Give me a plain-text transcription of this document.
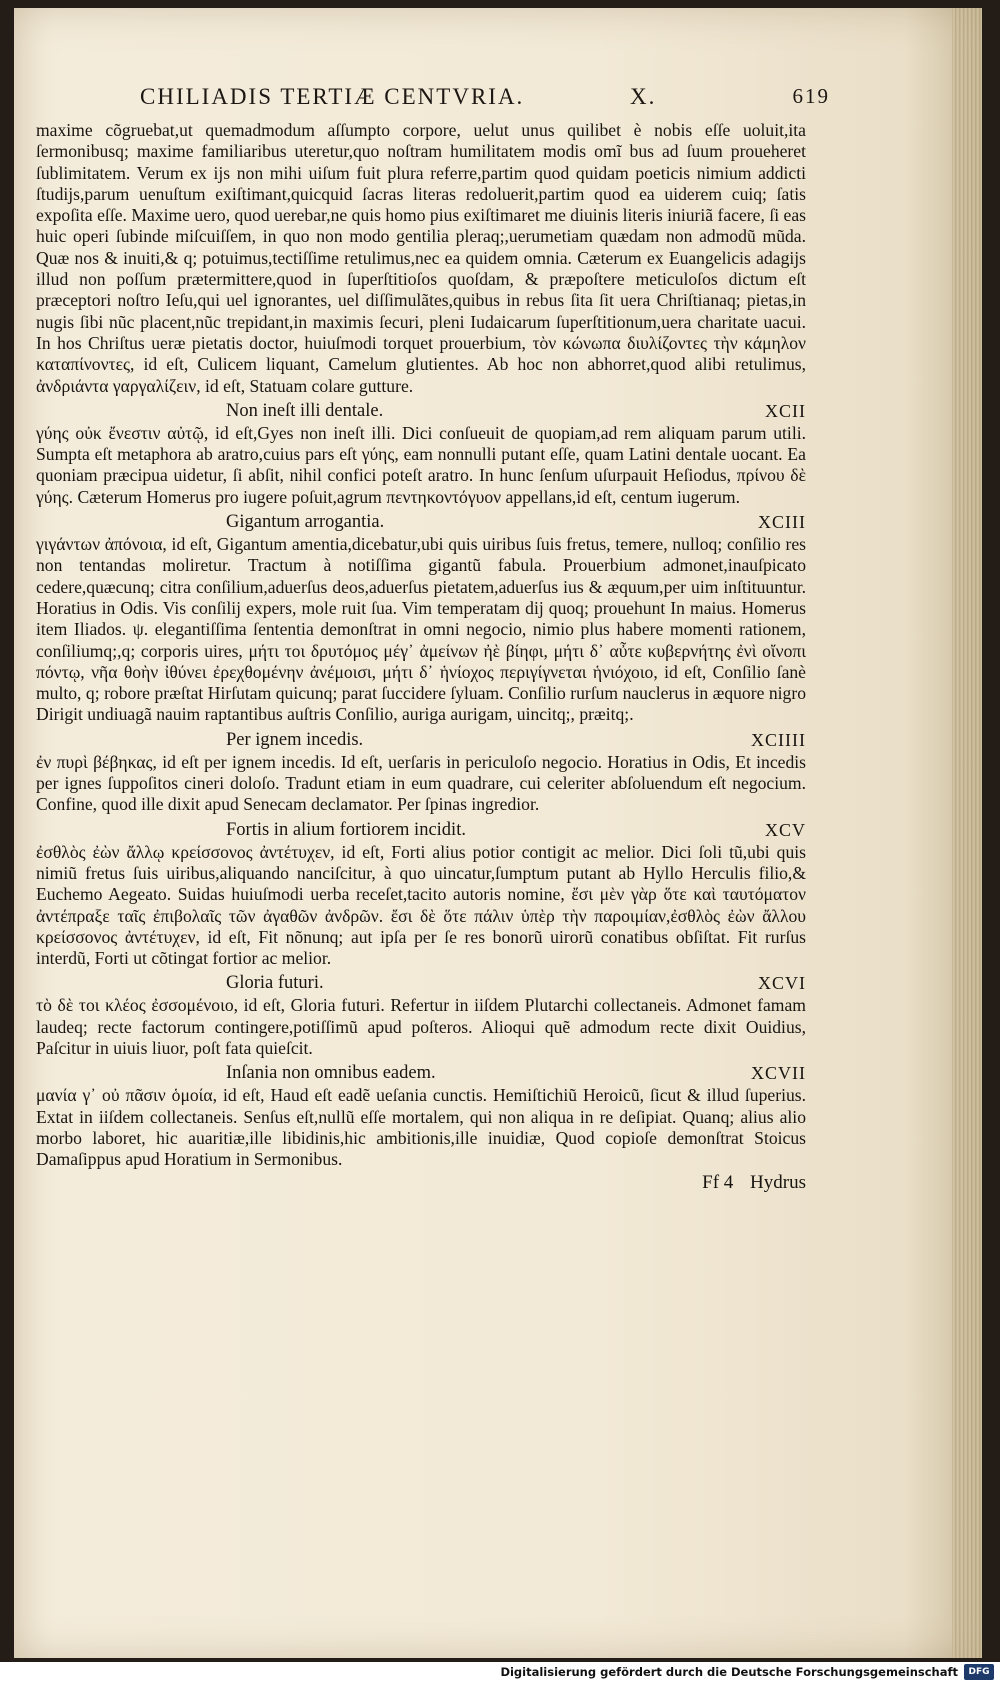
CHILIADIS TERTIÆ CENTVRIA.	X.	619

maxime cõgruebat,ut quemadmodum aſſumpto corpore, uelut unus quilibet è nobis eſſe uoluit,ita ſermonibusq; maxime familiaribus uteretur,quo noſtram humilitatem modis omĩ bus ad ſuum proueheret ſublimitatem. Verum ex ijs non mihi uiſum fuit plura referre,partim quod quidam poeticis nimium addicti ſtudijs,parum uenuſtum exiſtimant,quicquid ſacras literas redoluerit,partim quod ea uiderem cuiq; ſatis expoſita eſſe. Maxime uero, quod uerebar,ne quis homo pius exiſtimaret me diuinis literis iniuriã facere, ſi eas huic operi ſubinde miſcuiſſem, in quo non modo gentilia pleraq;,uerumetiam quædam non admodũ mũda. Quæ nos & inuiti,& q; potuimus,tectiſſime retulimus,nec ea quidem omnia. Cæterum ex Euangelicis adagijs illud non poſſum prætermittere,quod in ſuperſtitioſos quoſdam, & præpoſtere meticuloſos dictum eſt præceptori noſtro Ieſu,qui uel ignorantes, uel diſſimulãtes,quibus in rebus ſita ſit uera Chriſtianaq; pietas,in nugis ſibi nũc placent,nũc trepidant,in maximis ſecuri, pleni Iudaicarum ſuperſtitionum,uera charitate uacui. In hos Chriſtus ueræ pietatis doctor, huiuſmodi torquet prouerbium, τὸν κώνωπα διυλίζοντες τὴν κάμηλον καταπίνοντες, id eſt, Culicem liquant, Camelum glutientes. Ab hoc non abhorret,quod alibi retulimus, ἀνδριάντα γαργαλίζειν, id eſt, Statuam colare gutture.

Non ineſt illi dentale.	XCII

γύης οὐκ ἔνεστιν αὐτῷ, id eſt,Gyes non ineſt illi. Dici conſueuit de quopiam,ad rem aliquam parum utili. Sumpta eſt metaphora ab aratro,cuius pars eſt γύης, eam nonnulli putant eſſe, quam Latini dentale uocant. Ea quoniam præcipua uidetur, ſi abſit, nihil confici poteſt aratro. In hunc ſenſum uſurpauit Heſiodus, πρίνου δὲ γύης. Cæterum Homerus pro iugere poſuit,agrum πεντηκοντόγυον appellans,id eſt, centum iugerum.

Gigantum arrogantia.	XCIII

γιγάντων ἀπόνοια, id eſt, Gigantum amentia,dicebatur,ubi quis uiribus ſuis fretus, temere, nulloq; conſilio res non tentandas moliretur. Tractum à notiſſima gigantũ fabula. Prouerbium admonet,inauſpicato cedere,quæcunq; citra conſilium,aduerſus deos,aduerſus pietatem,aduerſus ius & æquum,per uim inſtituuntur. Horatius in Odis. Vis conſilij expers, mole ruit ſua. Vim temperatam dij quoq; prouehunt In maius. Homerus item Iliados. ψ. elegantiſſima ſententia demonſtrat in omni negocio, nimio plus habere momenti rationem, conſiliumq;,q; corporis uires, μήτι τοι δρυτόμος μέγ᾽ ἀμείνων ἠὲ βίηφι, μήτι δ᾽ αὖτε κυβερνήτης ἐνὶ οἴνοπι πόντῳ, νῆα θοὴν ἰθύνει ἐρεχθομένην ἀνέμοισι, μήτι δ᾽ ἡνίοχος περιγίγνεται ἡνιόχοιο, id eſt, Conſilio ſanè multo, q; robore præſtat Hirſutam quicunq; parat ſuccidere ſyluam. Conſilio rurſum nauclerus in æquore nigro Dirigit undiuagã nauim raptantibus auſtris Conſilio, auriga aurigam, uincitq;, præitq;.

Per ignem incedis.	XCIIII

ἐν πυρὶ βέβηκας, id eſt per ignem incedis. Id eſt, uerſaris in periculoſo negocio. Horatius in Odis, Et incedis per ignes ſuppoſitos cineri doloſo. Tradunt etiam in eum quadrare, cui celeriter abſoluendum eſt negocium. Confine, quod ille dixit apud Senecam declamator. Per ſpinas ingredior.

Fortis in alium fortiorem incidit.	XCV

ἐσθλὸς ἐὼν ἄλλῳ κρείσσονος ἀντέτυχεν, id eſt, Forti alius potior contigit ac melior. Dici ſoli tũ,ubi quis nimiũ fretus ſuis uiribus,aliquando nanciſcitur, à quo uincatur,ſumptum putant ab Hyllo Herculis filio,& Euchemo Aegeato. Suidas huiuſmodi uerba receſet,tacito autoris nomine, ἔσι μὲν γὰρ ὅτε καὶ ταυτόματον ἀντέπραξε ταῖς ἐπιβολαῖς τῶν ἀγαθῶν ἀνδρῶν. ἔσι δὲ ὅτε πάλιν ὑπὲρ τὴν παροιμίαν,ἐσθλὸς ἐὼν ἄλλου κρείσσονος ἀντέτυχεν, id eſt, Fit nõnunq; aut ipſa per ſe res bonorũ uirorũ conatibus obſiſtat. Fit rurſus interdũ, Forti ut cõtingat fortior ac melior.

Gloria futuri.	XCVI

τὸ δὲ τοι κλέος ἐσσομένοιο, id eſt, Gloria futuri. Refertur in iiſdem Plutarchi collectaneis. Admonet famam laudeq; recte factorum contingere,potiſſimũ apud poſteros. Alioqui quẽ admodum recte dixit Ouidius, Paſcitur in uiuis liuor, poſt fata quieſcit.

Inſania non omnibus eadem.	XCVII

μανία γ᾽ οὐ πᾶσιν ὁμοία, id eſt, Haud eſt eadẽ ueſania cunctis. Hemiſtichiũ Heroicũ, ſicut & illud ſuperius. Extat in iiſdem collectaneis. Senſus eſt,nullũ eſſe mortalem, qui non aliqua in re deſipiat. Quanq; alius alio morbo laboret, hic auaritiæ,ille libidinis,hic ambitionis,ille inuidiæ, Quod copioſe demonſtrat Stoicus Damaſippus apud Horatium in Sermonibus.

Ff 4 Hydrus
Digitalisierung gefördert durch die Deutsche Forschungsgemeinschaft	DFG
